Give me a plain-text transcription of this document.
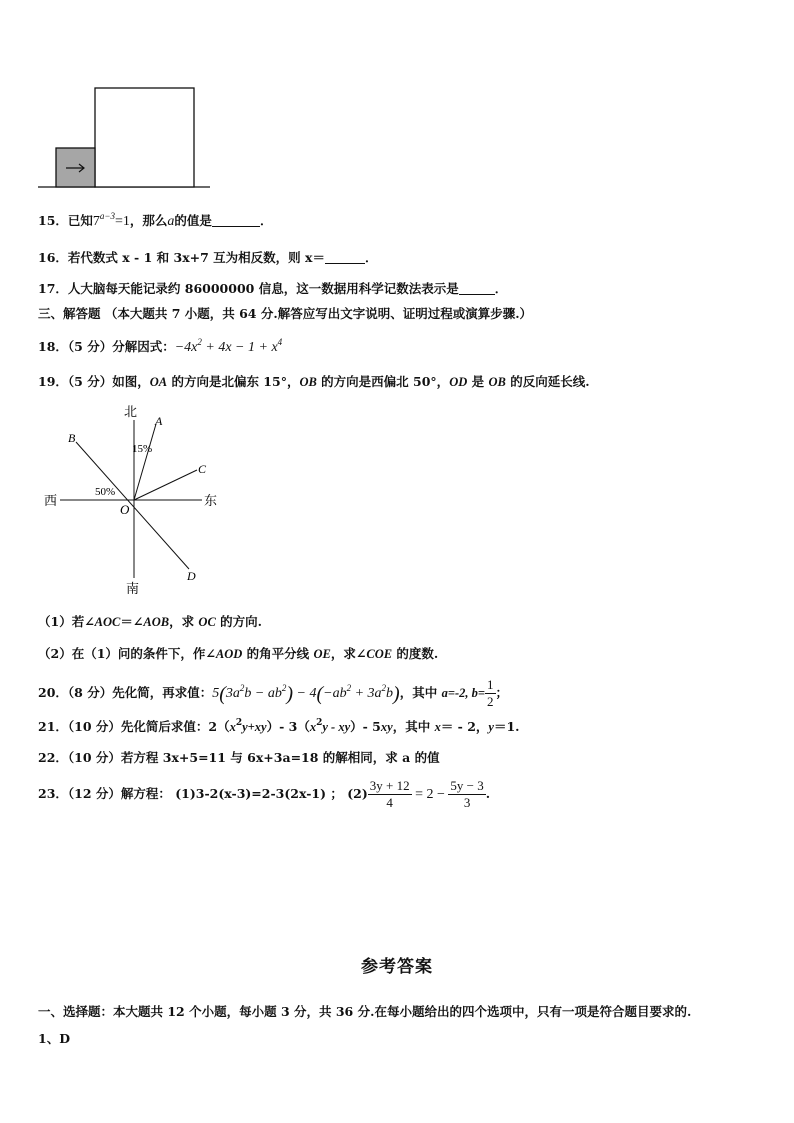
15．已知$7^{a-3}=1$，那么a的值是	．
16．若代数式 x - 1 和 3x+7 互为相反数，则 x＝	．
17．人大脑每天能记录约 86000000 信息，这一数据用科学记数法表示是	．
三、解答题 （本大题共 7 小题，共 64 分.解答应写出文字说明、证明过程或演算步骤.）
18．（5 分）分解因式：$-4x^2 + 4x - 1 + x^4$
19．（5 分）如图，OA 的方向是北偏东 15°，OB 的方向是西偏北 50°，OD 是 OB 的反向延长线.
北
南
西	东
O
A
B
C
D
15%
50%
（1）若∠AOC＝∠AOB，求 OC 的方向.
（2）在（1）问的条件下，作∠AOD 的角平分线 OE，求∠COE 的度数.
20．（8 分）先化简，再求值：$5(3a^2b - ab^2) - 4(-ab^2 + 3a^2b)$，其中 a=-2, $b= \frac{1}{2}$ ；
21．（10 分）先化简后求值：$2(x^2y+xy)-$ $3(x^2y - xy)-$ 5xy，其中 x＝ - 2，y＝1.
22．（10 分）若方程 3x+5=11 与 6x+3a=18 的解相同，求 a 的值
23．（12 分）解方程： (1)3-2(x-3)=2-3(2x-1) ； $(2) \frac{3y + 12}{4} = 2 - \frac{5y - 3}{3}$ .
参考答案
一、选择题：本大题共 12 个小题，每小题 3 分，共 36 分.在每小题给出的四个选项中，只有一项是符合题目要求的.
1、D
